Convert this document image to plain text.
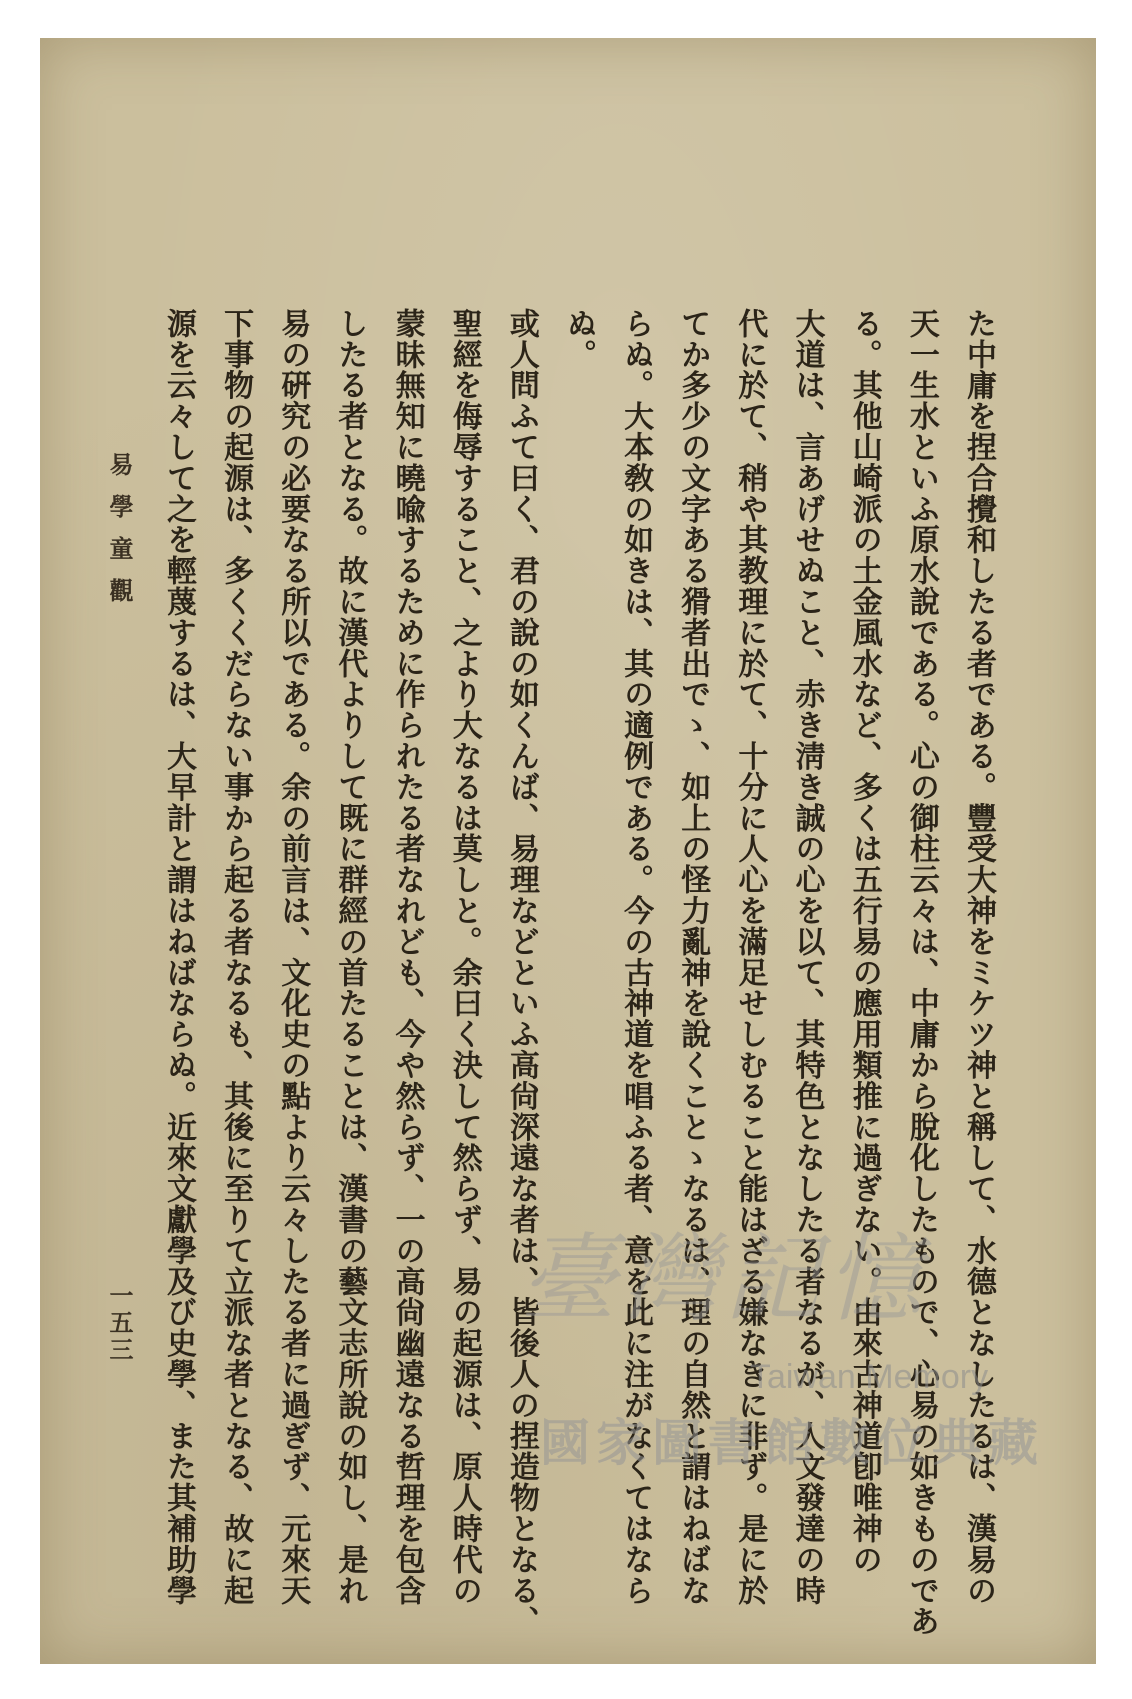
た中庸を捏合攪和したる者である。豐受大神をミケツ神と稱して、水德となしたるは、漢易の
天一生水といふ原水說である。心の御柱云々は、中庸から脫化したもので、心易の如きものであ
る。其他山崎派の土金風水など、多くは五行易の應用類推に過ぎない。由來古神道卽唯神の
大道は、言あげせぬこと、赤き淸き誠の心を以て、其特色となしたる者なるが、人文發達の時
代に於て、稍や其教理に於て、十分に人心を滿足せしむること能はざる嫌なきに非ず。是に於
てか多少の文字ある猾者出でゝ、如上の怪力亂神を說くことゝなるは、理の自然と謂はねばな
らぬ。大本敎の如きは、其の適例である。今の古神道を唱ふる者、意を此に注がなくてはなら
ぬ。
或人問ふて曰く、君の說の如くんば、易理などといふ高尙深遠な者は、皆後人の捏造物となる、
聖經を侮辱すること、之より大なるは莫しと。余曰く決して然らず、易の起源は、原人時代の
蒙昧無知に曉喩するために作られたる者なれども、今や然らず、一の高尙幽遠なる哲理を包含
したる者となる。故に漢代よりして既に群經の首たることは、漢書の藝文志所說の如し、是れ
易の硏究の必要なる所以である。余の前言は、文化史の點より云々したる者に過ぎず、元來天
下事物の起源は、多くくだらない事から起る者なるも、其後に至りて立派な者となる、故に起
源を云々して之を輕蔑するは、大早計と謂はねばならぬ。近來文獻學及び史學、また其補助學
易學童觀
一五三	臺灣記憶
Taiwan Memory
國家圖書館數位典藏
